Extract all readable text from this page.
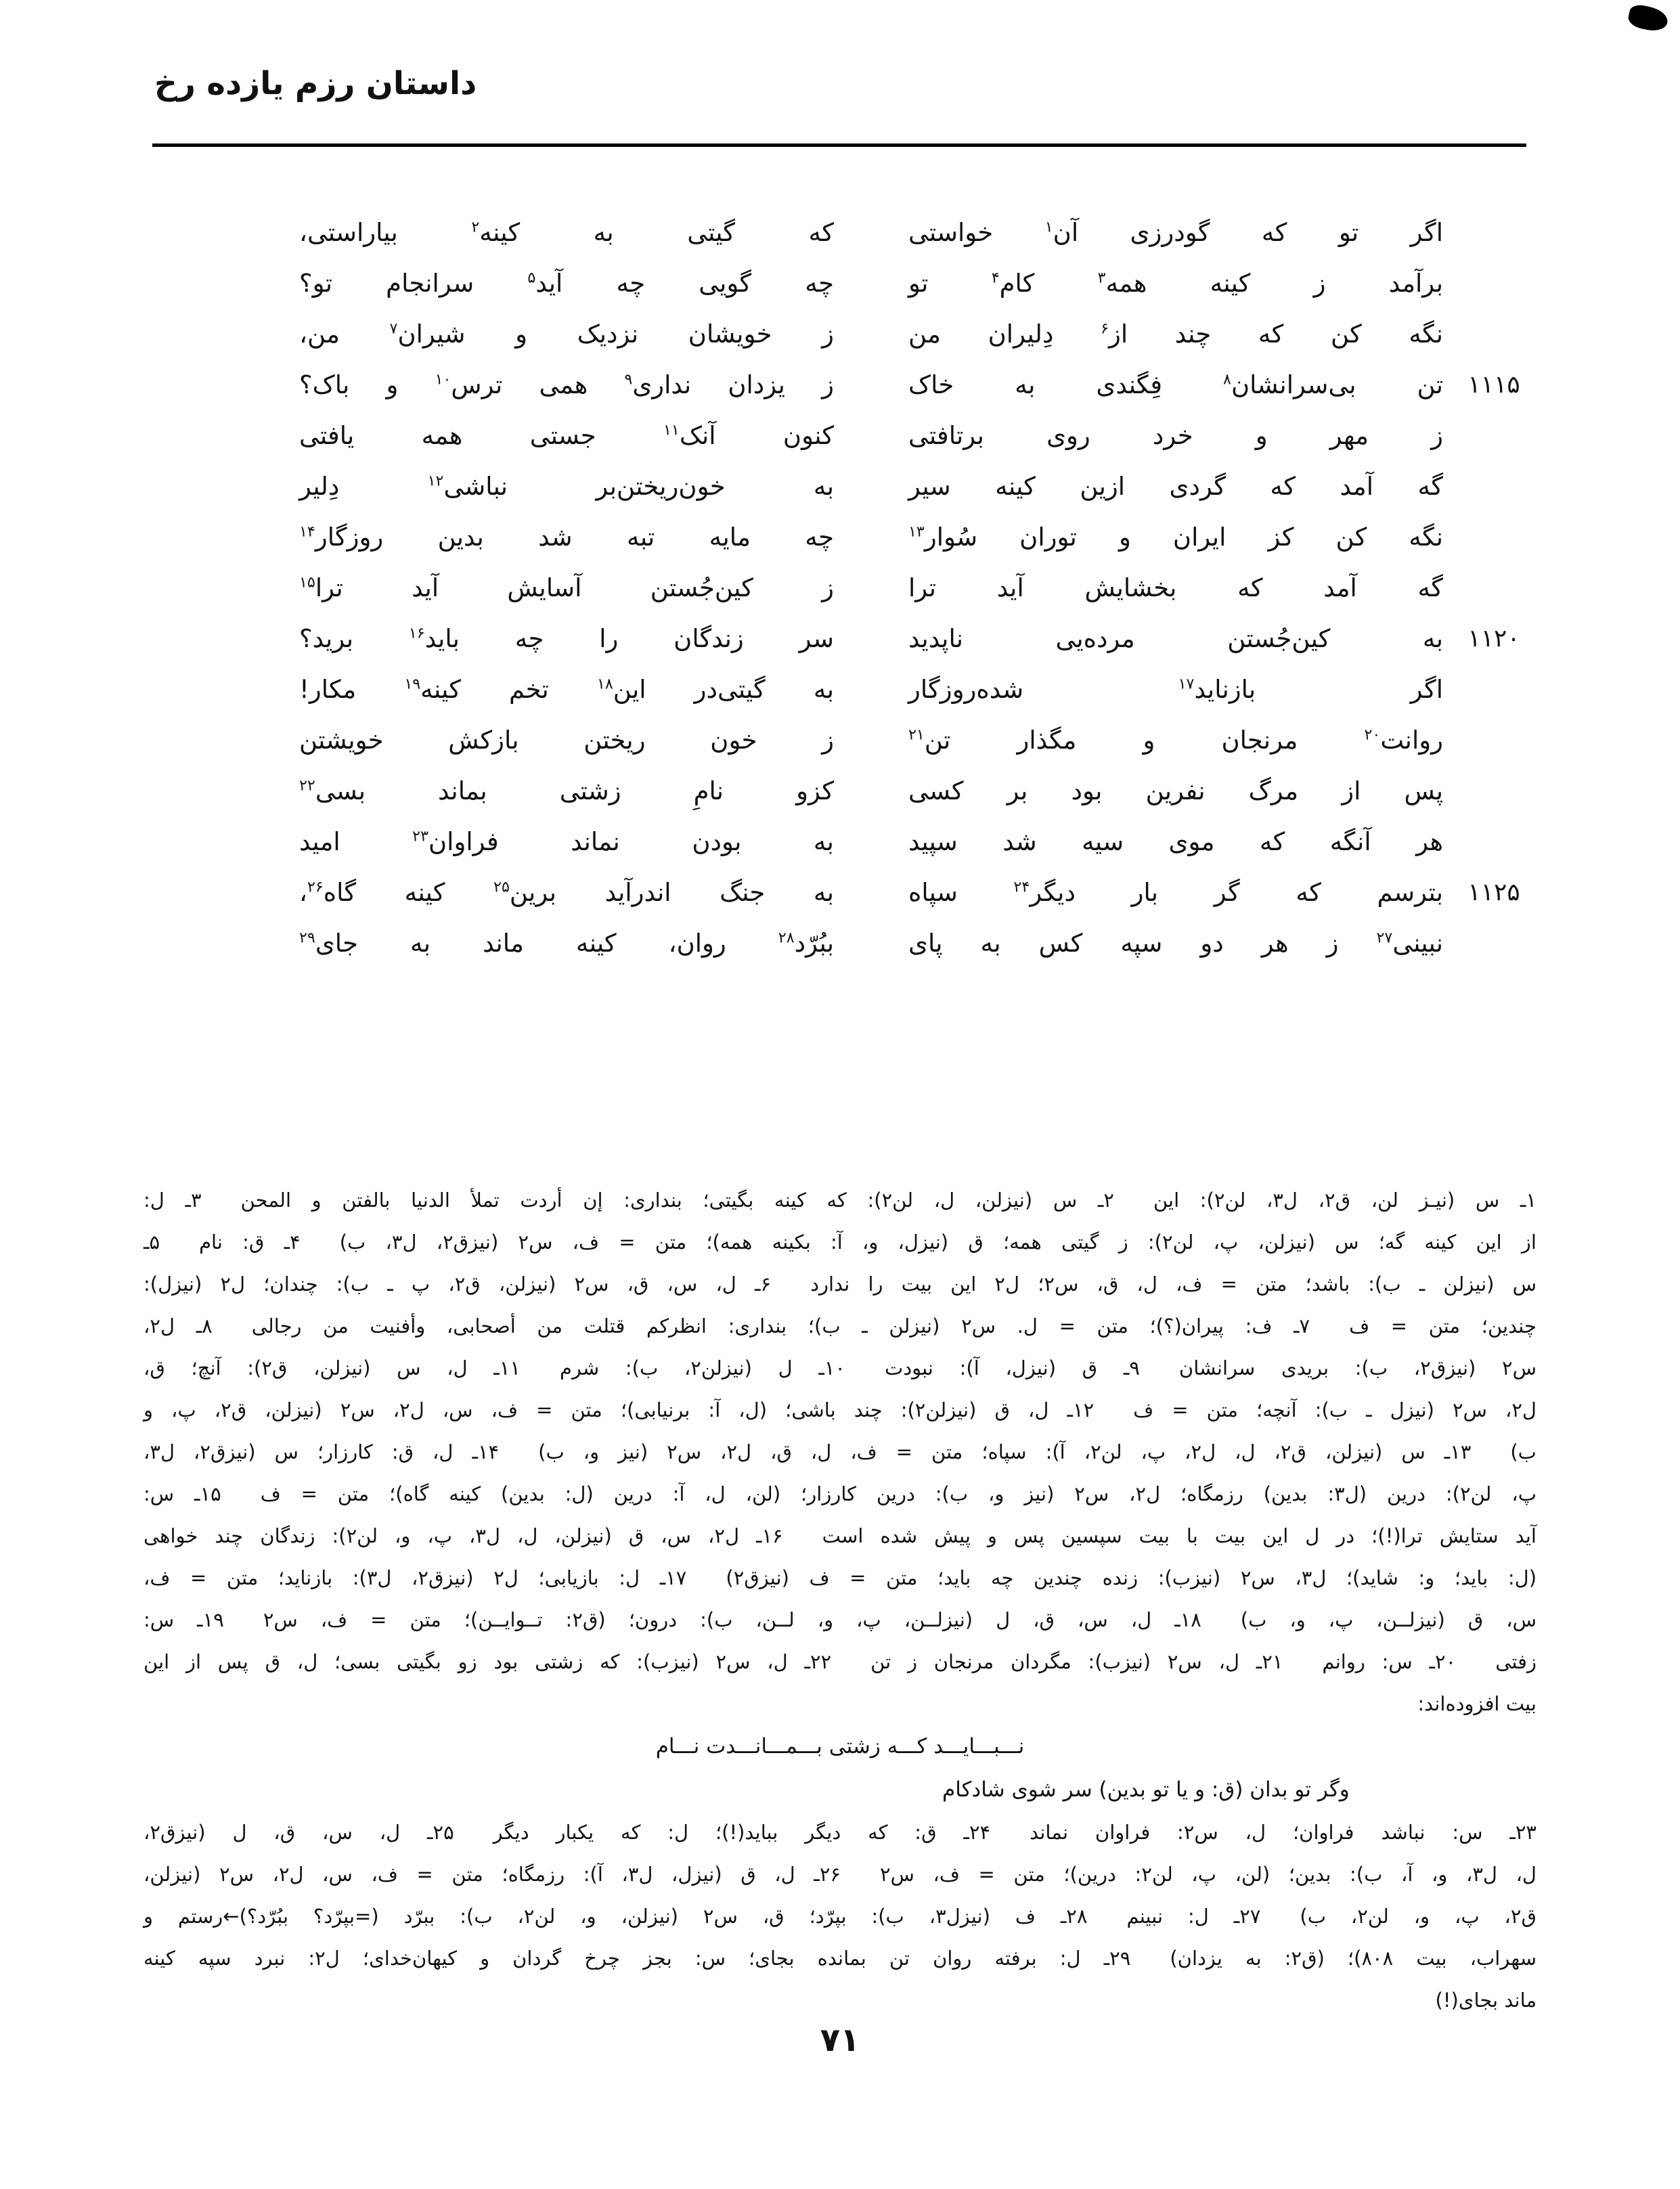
داستان رزم یازده رخ
اگر تو که گودرزی آن$^۱$ خواستی
که گیتی به کینه$^۲$ بیاراستی،
برآمد ز کینه همه$^۳$ کام$^۴$ تو
چه گویی چه آید$^۵$ سرانجام تو؟
نگه کن که چند از$^۶$ دِلیران من
ز خویشان نزدیک و شیران$^۷$ من،
۱۱۱۵
تن بی‌سرانشان$^۸$ فِگندی به خاک
ز یزدان نداری$^۹$ همی ترس$^{۱۰}$ و باک؟
ز مهر و خرد روی برتافتی
کنون آنک$^{۱۱}$ جستی همه یافتی
گه آمد که گردی ازین کینه سیر
به خون‌ریختن‌بر نباشی$^{۱۲}$ دِلیر
نگه کن کز ایران و توران سُوار$^{۱۳}$
چه مایه تبه شد بدین روزگار$^{۱۴}$
گه آمد که بخشایش آید ترا
ز کین‌جُستن آسایش آید ترا$^{۱۵}$
۱۱۲۰
به کین‌جُستن مرده‌یی ناپدید
سر زندگان را چه باید$^{۱۶}$ برید؟
اگر بازناید$^{۱۷}$ شده‌روزگار
به گیتی‌در این$^{۱۸}$ تخم کینه$^{۱۹}$ مکار!
روانت$^{۲۰}$ مرنجان و مگذار تن$^{۲۱}$
ز خون ریختن بازکش خویشتن
پس از مرگ نفرین بود بر کسی
کزو نامِ زشتی بماند بسی$^{۲۲}$
هر آنگه که موی سیه شد سپید
به بودن نماند فراوان$^{۲۳}$ امید
۱۱۲۵
بترسم که گر بار دیگر$^{۲۴}$ سپاه
به جنگ اندرآید برین$^{۲۵}$ کینه گاه$^{۲۶}$،
نبینی$^{۲۷}$ ز هر دو سپه کس به پای
ببُرّد$^{۲۸}$ روان، کینه ماند به جای$^{۲۹}$
۱ـ س (نیـز لن، ق۲، ل۳، لن۲): این  ۲ـ س (نیزلن، ل، لن۲): که کینه بگیتی؛ بنداری: إن أردت تملأ الدنیا بالفتن و المحن  ۳ـ ل:
از این کینه گه؛ س (نیزلن، پ، لن۲): ز گیتی همه؛ ق (نیزل، و، آ: بکینه همه)؛ متن = ف، س۲ (نیزق۲، ل۳، ب)  ۴ـ ق: نام  ۵ـ
س (نیزلن ـ ب): باشد؛ متن = ف، ل، ق، س۲؛ ل۲ این بیت را ندارد  ۶ـ ل، س، ق، س۲ (نیزلن، ق۲، پ ـ ب): چندان؛ ل۲ (نیزل):
چندین؛ متن = ف  ۷ـ ف: پیران(؟)؛ متن = ل. س۲ (نیزلن ـ ب)؛ بنداری: انظرکم قتلت من أصحابی، وأفنیت من رجالی  ۸ـ ل۲،
س۲ (نیزق۲، ب): بریدی سرانشان  ۹ـ ق (نیزل، آ): نبودت  ۱۰ـ ل (نیزلن۲، ب): شرم  ۱۱ـ ل، س (نیزلن، ق۲): آنچ؛ ق،
ل۲، س۲ (نیزل ـ ب): آنچه؛ متن = ف  ۱۲ـ ل، ق (نیزلن۲): چند باشی؛ (ل، آ: برنیابی)؛ متن = ف، س، ل۲، س۲ (نیزلن، ق۲، پ، و
ب)  ۱۳ـ س (نیزلن، ق۲، ل، ل۲، پ، لن۲، آ): سپاه؛ متن = ف، ل، ق، ل۲، س۲ (نیز و، ب)  ۱۴ـ ل، ق: کارزار؛ س (نیزق۲، ل۳،
پ، لن۲): درین (ل۳: بدین) رزمگاه؛ ل۲، س۲ (نیز و، ب): درین کارزار؛ (لن، ل، آ: درین (ل: بدین) کینه گاه)؛ متن = ف  ۱۵ـ س:
آید ستایش ترا(!)؛ در ل این بیت با بیت سپسین پس و پیش شده است  ۱۶ـ ل۲، س، ق (نیزلن، ل، ل۳، پ، و، لن۲): زندگان چند خواهی
(ل: باید؛ و: شاید)؛ ل۳، س۲ (نیزب): زنده چندین چه باید؛ متن = ف (نیزق۲)  ۱۷ـ ل: بازیابی؛ ل۲ (نیزق۲، ل۳): بازناید؛ متن = ف،
س، ق (نیزلــن، پ، و، ب)  ۱۸ـ ل، س، ق، ل (نیزلــن، پ، و، لــن، ب): درون؛ (ق۲: تــوایــن)؛ متن = ف، س۲  ۱۹ـ س:
زفتی  ۲۰ـ س: روانم  ۲۱ـ ل، س۲ (نیزب): مگردان مرنجان ز تن  ۲۲ـ ل، س۲ (نیزب): که زشتی بود زو بگیتی بسی؛ ل، ق پس از این
بیت افزوده‌اند:
نـــبـــایـــد کـــه زشتی بـــمـــانـــدت نـــام
وگر تو بدان (ق: و یا تو بدین) سر شوی شادکام
۲۳ـ س: نباشد فراوان؛ ل، س۲: فراوان نماند  ۲۴ـ ق: که دیگر بباید(!)؛ ل: که یکبار دیگر  ۲۵ـ ل، س، ق، ل (نیزق۲،
ل، ل۳، و، آ، ب): بدین؛ (لن، پ، لن۲: درین)؛ متن = ف، س۲  ۲۶ـ ل، ق (نیزل، ل۳، آ): رزمگاه؛ متن = ف، س، ل۲، س۲ (نیزلن،
ق۲، پ، و، لن۲، ب)  ۲۷ـ ل: نبینم  ۲۸ـ ف (نیزل۳، ب): بپرّد؛ ق، س۲ (نیزلن، و، لن۲، ب): ببرّد (=بپرّد؟ ببُرّد؟)←رستم و
سهراب، بیت ۸۰۸)؛ (ق۲: به یزدان)  ۲۹ـ ل: برفته روان تن بمانده بجای؛ س: بجز چرخ گردان و کیهان‌خدای؛ ل۲: نبرد سپه کینه
ماند بجای(!)
۷۱
